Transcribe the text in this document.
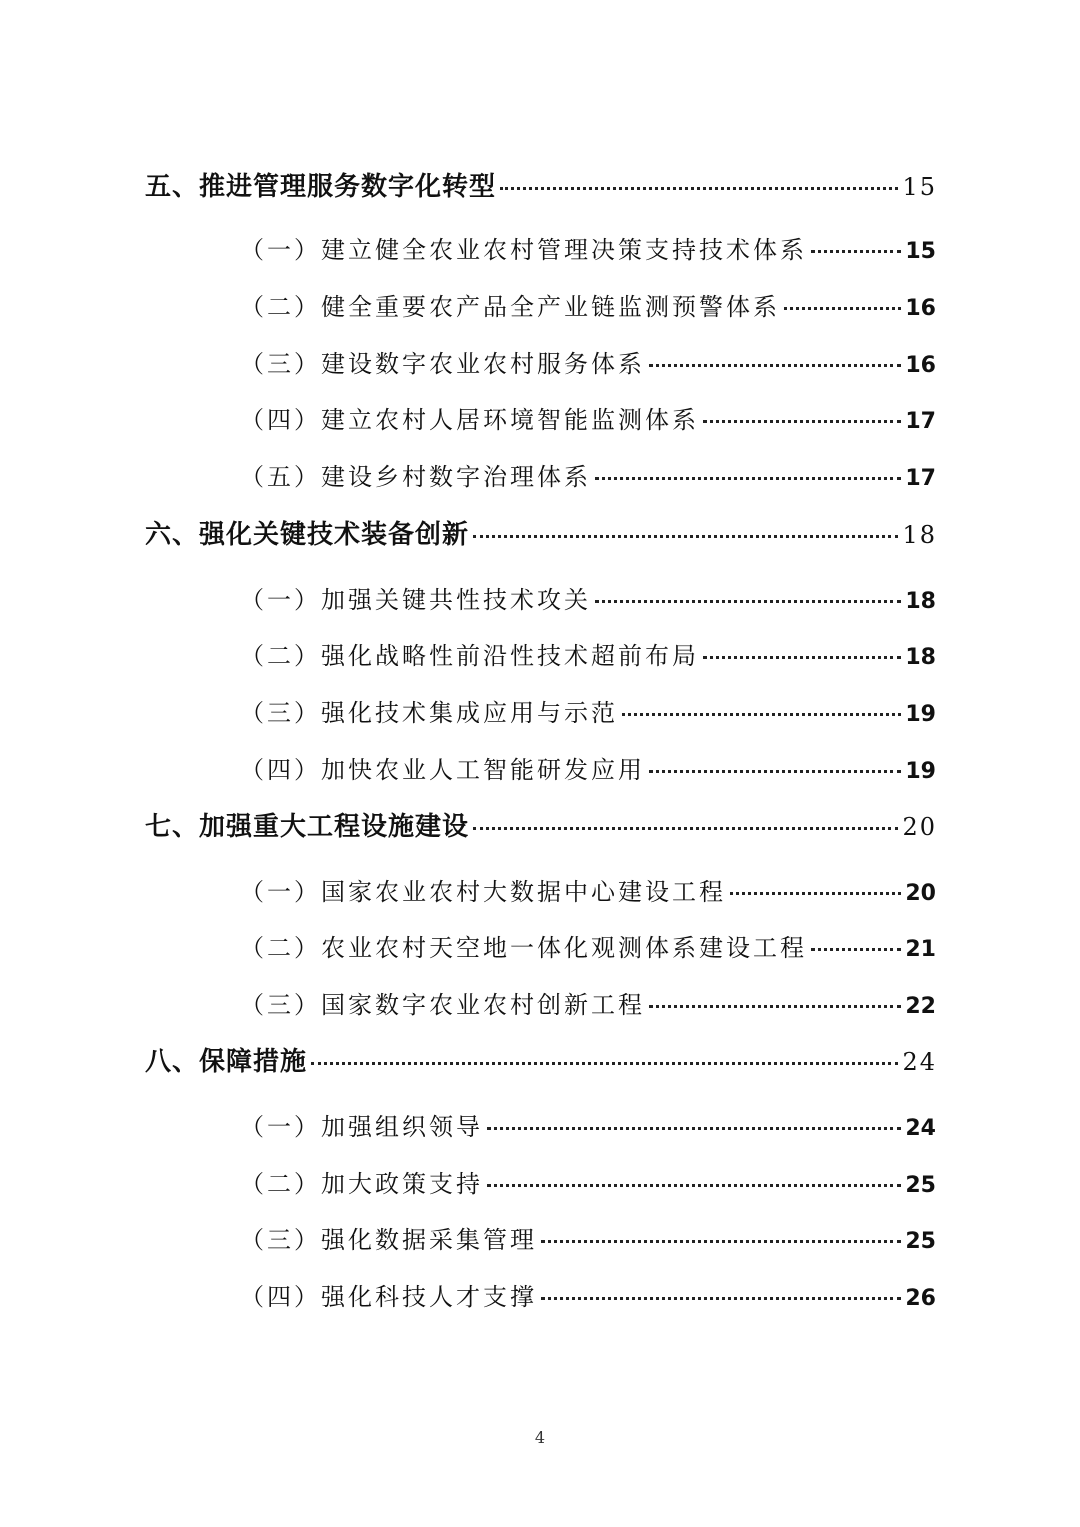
五、推进管理服务数字化转型	15
（一）建立健全农业农村管理决策支持技术体系	15
（二）健全重要农产品全产业链监测预警体系	16
（三）建设数字农业农村服务体系	16
（四）建立农村人居环境智能监测体系	17
（五）建设乡村数字治理体系	17
六、强化关键技术装备创新	18
（一）加强关键共性技术攻关	18
（二）强化战略性前沿性技术超前布局	18
（三）强化技术集成应用与示范	19
（四）加快农业人工智能研发应用	19
七、加强重大工程设施建设	20
（一）国家农业农村大数据中心建设工程	20
（二）农业农村天空地一体化观测体系建设工程	21
（三）国家数字农业农村创新工程	22
八、保障措施	24
（一）加强组织领导	24
（二）加大政策支持	25
（三）强化数据采集管理	25
（四）强化科技人才支撑	26
4
